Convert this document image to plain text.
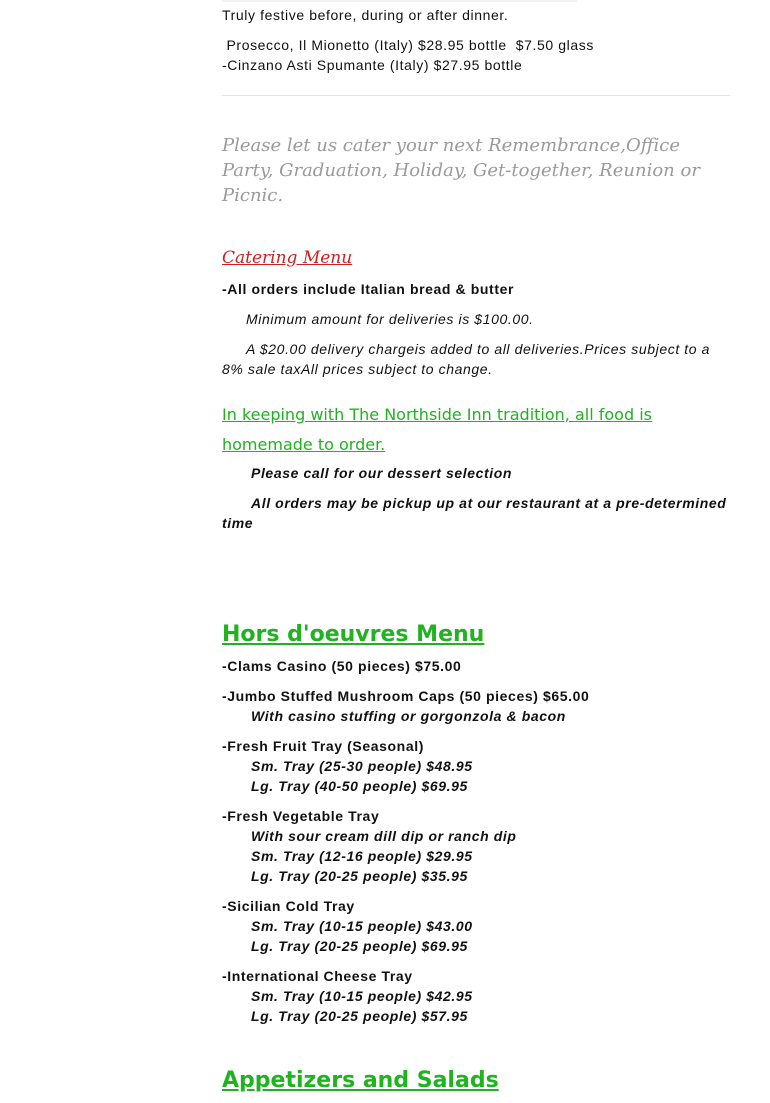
Truly festive before, during or after dinner.

Prosecco, Il Mionetto (Italy) $28.95 bottle  $7.50 glass

-Cinzano Asti Spumante (Italy) $27.95 bottle

Please let us cater your next Remembrance,Office Party, Graduation, Holiday, Get-together, Reunion or Picnic.

Catering Menu

-All orders include Italian bread & butter

Minimum amount for deliveries is $100.00.

A $20.00 delivery chargeis added to all deliveries.Prices subject to a 8% sale taxAll prices subject to change.

In keeping with The Northside Inn tradition, all food is homemade to order.

Please call for our dessert selection

All orders may be pickup up at our restaurant at a pre-determined time

Hors d'oeuvres Menu

-Clams Casino (50 pieces) $75.00

-Jumbo Stuffed Mushroom Caps (50 pieces) $65.00

With casino stuffing or gorgonzola & bacon

-Fresh Fruit Tray (Seasonal)

Sm. Tray (25-30 people) $48.95

Lg. Tray (40-50 people) $69.95

-Fresh Vegetable Tray

With sour cream dill dip or ranch dip

Sm. Tray (12-16 people) $29.95

Lg. Tray (20-25 people) $35.95

-Sicilian Cold Tray

Sm. Tray (10-15 people) $43.00

Lg. Tray (20-25 people) $69.95

-International Cheese Tray

Sm. Tray (10-15 people) $42.95

Lg. Tray (20-25 people) $57.95

Appetizers and Salads
